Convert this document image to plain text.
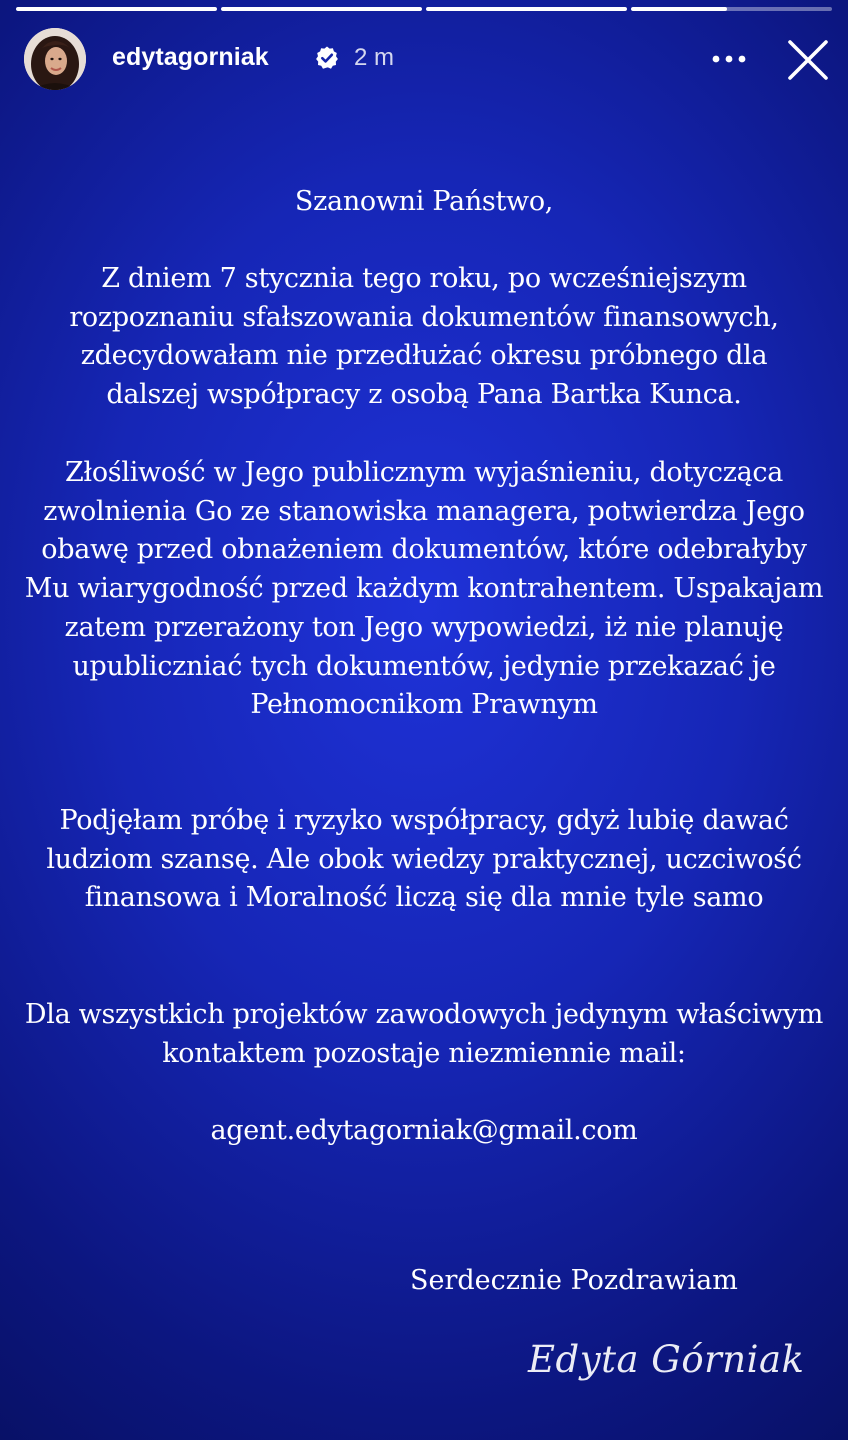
edytagorniak	2 m

Szanowni Państwo,

Z dniem 7 stycznia tego roku, po wcześniejszym rozpoznaniu sfałszowania dokumentów finansowych, zdecydowałam nie przedłużać okresu próbnego dla dalszej współpracy z osobą Pana Bartka Kunca.

Złośliwość w Jego publicznym wyjaśnieniu, dotycząca zwolnienia Go ze stanowiska managera, potwierdza Jego obawę przed obnażeniem dokumentów, które odebrałyby Mu wiarygodność przed każdym kontrahentem. Uspakajam zatem przerażony ton Jego wypowiedzi, iż nie planuję upubliczniać tych dokumentów, jedynie przekazać je Pełnomocnikom Prawnym

Podjęłam próbę i ryzyko współpracy, gdyż lubię dawać ludziom szansę. Ale obok wiedzy praktycznej, uczciwość finansowa i Moralność liczą się dla mnie tyle samo

Dla wszystkich projektów zawodowych jedynym właściwym kontaktem pozostaje niezmiennie mail:

agent.edytagorniak@gmail.com

Serdecznie Pozdrawiam
Edyta Górniak
